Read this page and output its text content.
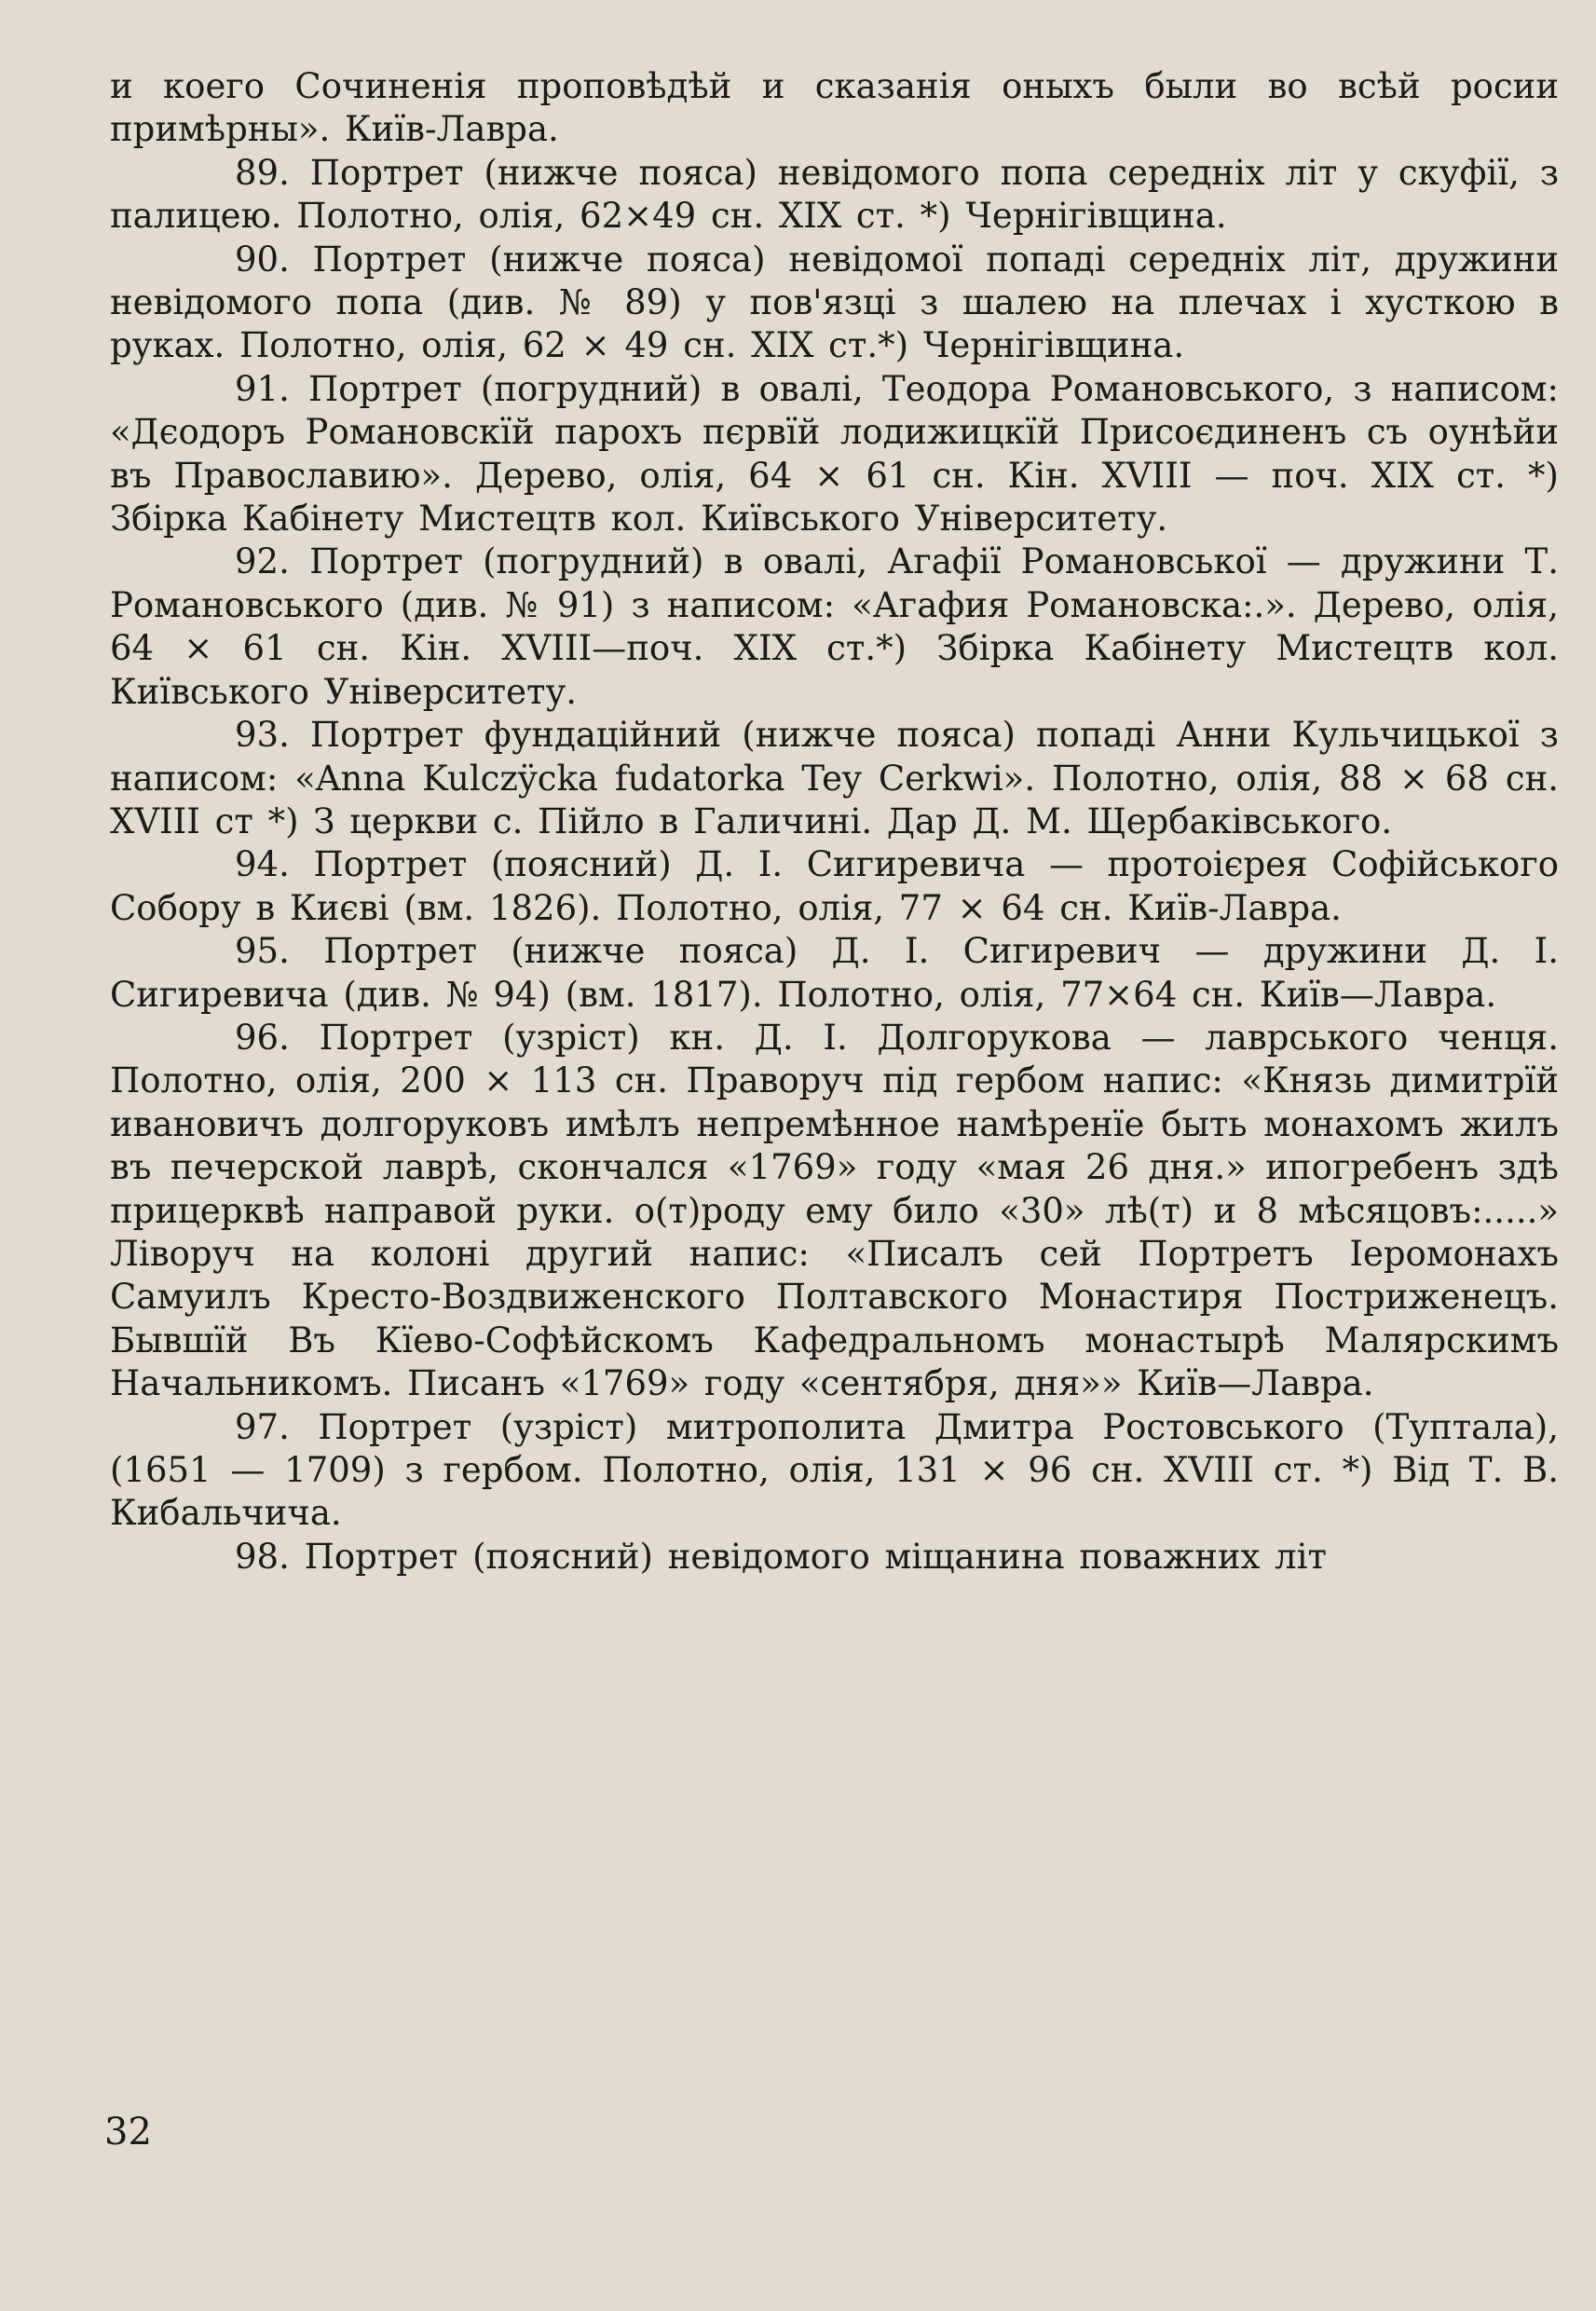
и коего Сочиненія проповѣдѣй и сказанія оныхъ были во всѣй росии примѣрны». Київ-Лавра.

89. Портрет (нижче пояса) невідомого попа середніх літ у скуфії, з палицею. Полотно, олія, 62×49 сн. XIX ст. *) Чернігівщина.

90. Портрет (нижче пояса) невідомої попаді середніх літ, дружини невідомого попа (див. № 89) у пов'язці з шалею на плечах і хусткою в руках. Полотно, олія, 62 × 49 сн. XIX ст.*) Чернігівщина.

91. Портрет (погрудний) в овалі, Теодора Романовського, з написом: «Дєодоръ Романовскїй парохъ пєрвїй лодижицкїй Присоєдиненъ съ оунѣйи въ Православию». Дерево, олія, 64 × 61 сн. Кін. XVIII — поч. XIX ст. *) Збірка Кабінету Мистецтв кол. Київського Університету.

92. Портрет (погрудний) в овалі, Агафії Романовської — дружини Т. Романовського (див. № 91) з написом: «Агафия Романовска:.». Дерево, олія, 64 × 61 сн. Кін. XVIII—поч. XIX ст.*) Збірка Кабінету Мистецтв кол. Київського Університету.

93. Портрет фундаційний (нижче пояса) попаді Анни Кульчицької з написом: «Anna Kulczÿcka fudatorka Tey Cerkwi». Полотно, олія, 88 × 68 сн. XVIII ст *) З церкви с. Пійло в Галичині. Дар Д. М. Щербаківського.

94. Портрет (поясний) Д. І. Сигиревича — протоієрея Софійського Собору в Києві (вм. 1826). Полотно, олія, 77 × 64 сн. Київ-Лавра.

95. Портрет (нижче пояса) Д. І. Сигиревич — дружини Д. І. Сигиревича (див. № 94) (вм. 1817). Полотно, олія, 77×64 сн. Київ—Лавра.

96. Портрет (узріст) кн. Д. І. Долгорукова — лаврського ченця. Полотно, олія, 200 × 113 сн. Праворуч під гербом напис: «Князь димитрїй ивановичъ долгоруковъ имѣлъ непремѣнное намѣренїе быть монахомъ жилъ въ печерской лаврѣ, скончался «1769» году «мая 26 дня.» ипогребенъ здѣ прицерквѣ направой руки. о(т)роду ему било «30» лѣ(т) и 8 мѣсяцовъ:.....» Ліворуч на колоні другий напис: «Писалъ сей Портретъ Іеромонахъ Самуилъ Кресто-Воздвиженского Полтавского Монастиря Постриженецъ. Бывшїй Въ Кїево-Софѣйскомъ Кафедральномъ монастырѣ Малярскимъ Начальникомъ. Писанъ «1769» году «сентября, дня»» Київ—Лавра.

97. Портрет (узріст) митрополита Дмитра Ростовського (Туптала), (1651 — 1709) з гербом. Полотно, олія, 131 × 96 сн. XVIII ст. *) Від Т. В. Кибальчича.

98. Портрет (поясний) невідомого міщанина поважних літ

32
